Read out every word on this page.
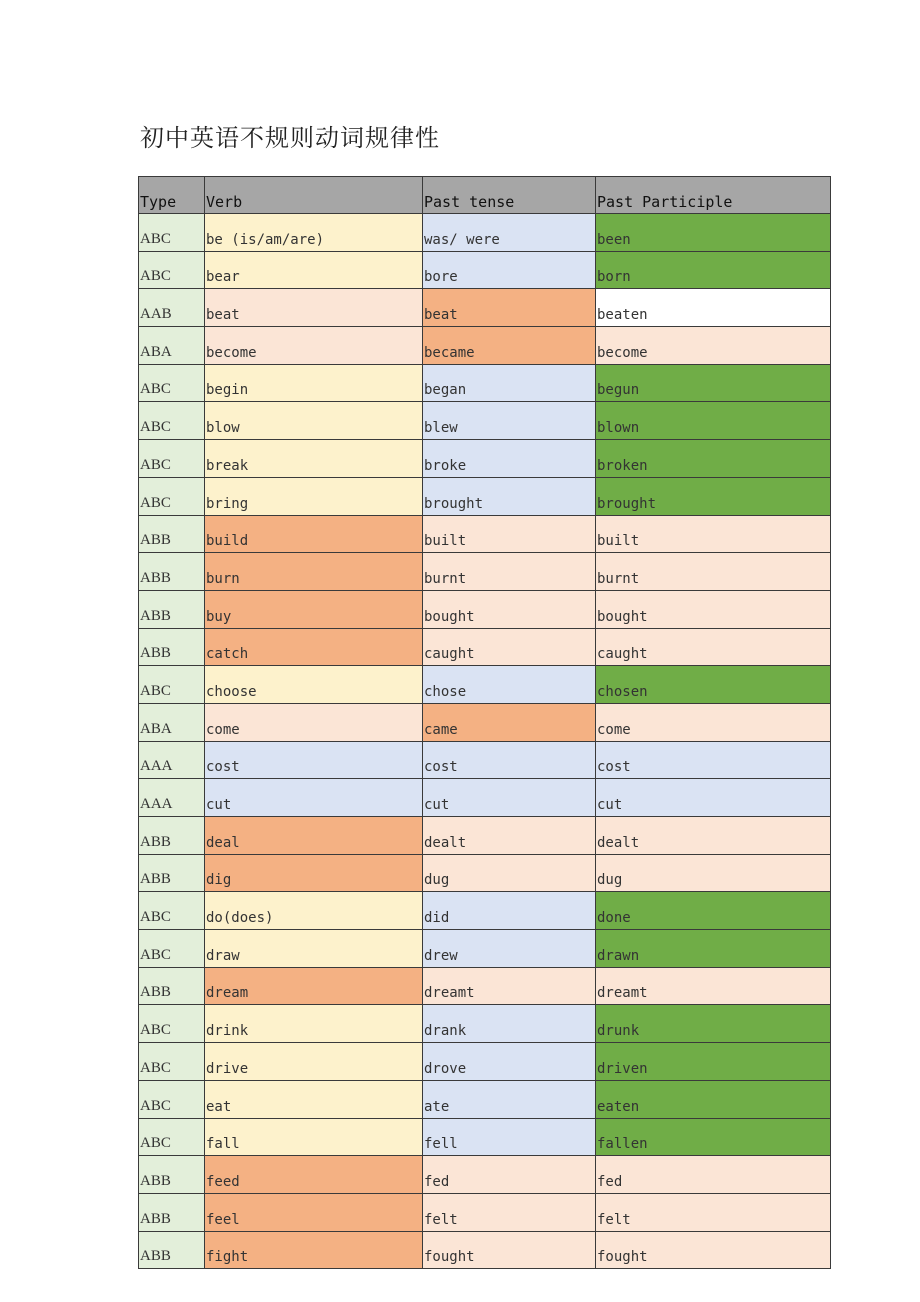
初中英语不规则动词规律性
Type	Verb	Past tense	Past Participle
ABC	be (is/am/are)	was/ were	been
ABC	bear	bore	born
AAB	beat	beat	beaten
ABA	become	became	become
ABC	begin	began	begun
ABC	blow	blew	blown
ABC	break	broke	broken
ABC	bring	brought	brought
ABB	build	built	built
ABB	burn	burnt	burnt
ABB	buy	bought	bought
ABB	catch	caught	caught
ABC	choose	chose	chosen
ABA	come	came	come
AAA	cost	cost	cost
AAA	cut	cut	cut
ABB	deal	dealt	dealt
ABB	dig	dug	dug
ABC	do(does)	did	done
ABC	draw	drew	drawn
ABB	dream	dreamt	dreamt
ABC	drink	drank	drunk
ABC	drive	drove	driven
ABC	eat	ate	eaten
ABC	fall	fell	fallen
ABB	feed	fed	fed
ABB	feel	felt	felt
ABB	fight	fought	fought
